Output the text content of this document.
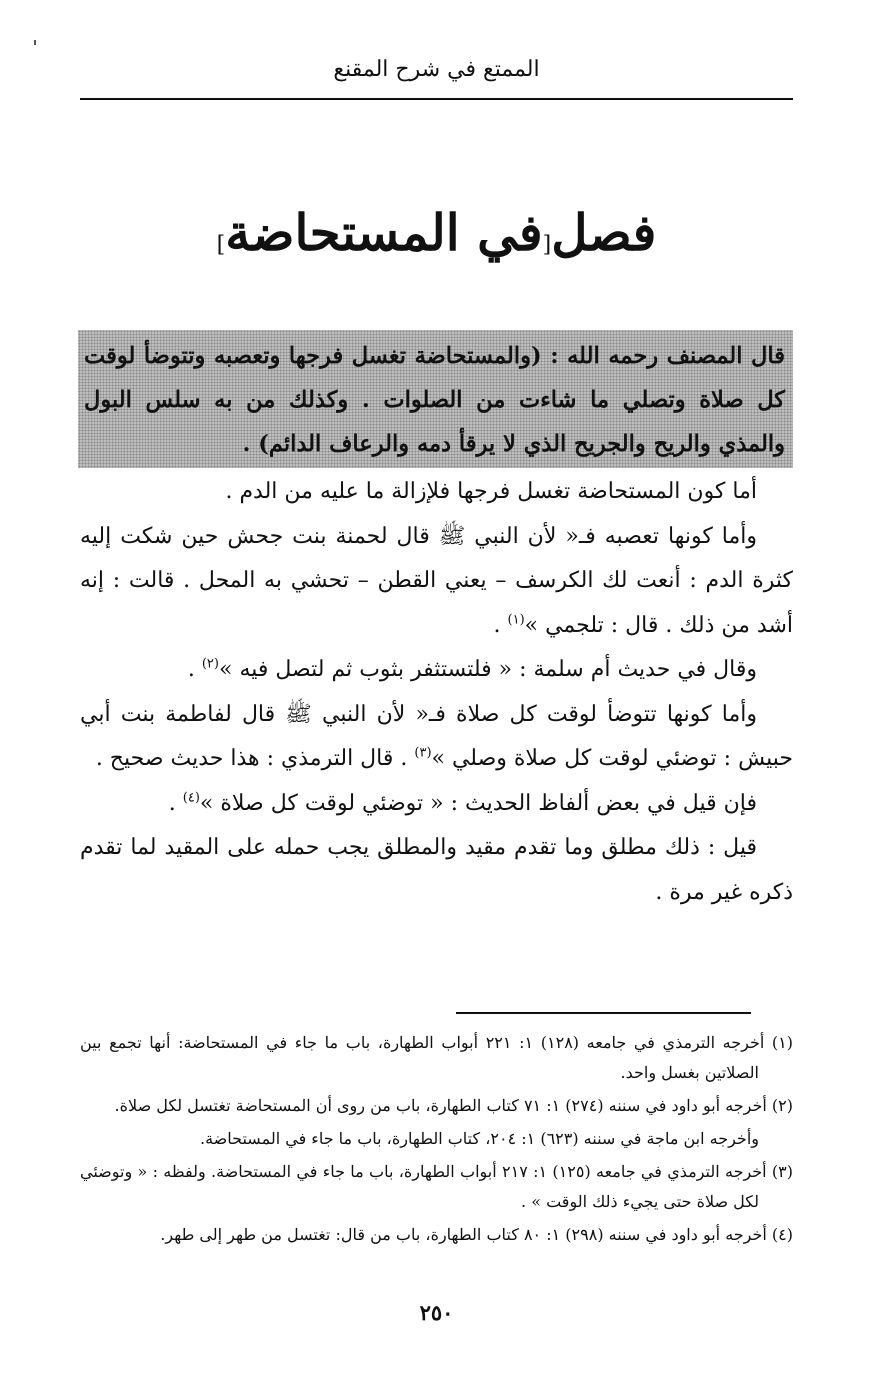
الممتع في شرح المقنع
فصل[في المستحاضة]
قال المصنف رحمه الله : (والمستحاضة تغسل فرجها وتعصبه وتتوضأ لوقت كل صلاة وتصلي ما شاءت من الصلوات . وكذلك من به سلس البول والمذي والريح والجريح الذي لا يرقأ دمه والرعاف الدائم) .

أما كون المستحاضة تغسل فرجها فلإزالة ما عليه من الدم .

وأما كونها تعصبه فـ« لأن النبي ﷺ قال لحمنة بنت جحش حين شكت إليه كثرة الدم : أنعت لك الكرسف – يعني القطن – تحشي به المحل . قالت : إنه أشد من ذلك . قال : تلجمي »$^{(١)}$ .

وقال في حديث أم سلمة : « فلتستثفر بثوب ثم لتصل فيه »$^{(٢)}$ .

وأما كونها تتوضأ لوقت كل صلاة فـ« لأن النبي ﷺ قال لفاطمة بنت أبي حبيش : توضئي لوقت كل صلاة وصلي »$^{(٣)}$ . قال الترمذي : هذا حديث صحيح .

فإن قيل في بعض ألفاظ الحديث : « توضئي لوقت كل صلاة »$^{(٤)}$ .

قيل : ذلك مطلق وما تقدم مقيد والمطلق يجب حمله على المقيد لما تقدم ذكره غير مرة .

(١) أخرجه الترمذي في جامعه (١٢٨) ١: ٢٢١ أبواب الطهارة، باب ما جاء في المستحاضة: أنها تجمع بين الصلاتين بغسل واحد.

(٢) أخرجه أبو داود في سننه (٢٧٤) ١: ٧١ كتاب الطهارة، باب من روى أن المستحاضة تغتسل لكل صلاة.

وأخرجه ابن ماجة في سننه (٦٢٣) ١: ٢٠٤، كتاب الطهارة، باب ما جاء في المستحاضة.

(٣) أخرجه الترمذي في جامعه (١٢٥) ١: ٢١٧ أبواب الطهارة، باب ما جاء في المستحاضة. ولفظه : « وتوضئي لكل صلاة حتى يجيء ذلك الوقت » .

(٤) أخرجه أبو داود في سننه (٢٩٨) ١: ٨٠ كتاب الطهارة، باب من قال: تغتسل من طهر إلى طهر.

٢٥٠
